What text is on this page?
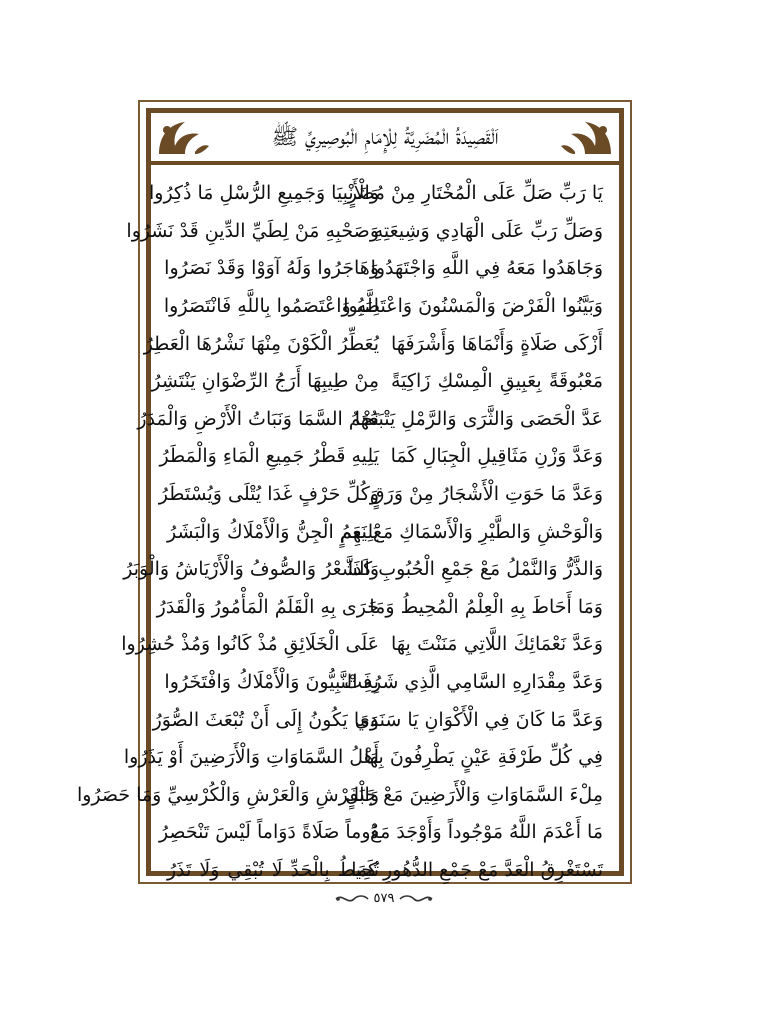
اَلْقَصِيدَةُ الْمُضَرِيَّةُ لِلْإِمَامِ الْبُوصِيرِيِّ ﷺ
يَا رَبِّ صَلِّ عَلَى الْمُخْتَارِ مِنْ مُضَرٍ
وَالْأَنْبِيَا وَجَمِيعِ الرُّسْلِ مَا ذُكِرُوا
وَصَلِّ رَبِّ عَلَى الْهَادِي وَشِيعَتِهِ
وَصَحْبِهِ مَنْ لِطَيِّ الدِّينِ قَدْ نَشَرُوا
وَجَاهَدُوا مَعَهُ فِي اللَّهِ وَاجْتَهَدُوا
وَهَاجَرُوا وَلَهُ آوَوْا وَقَدْ نَصَرُوا
وَبَيَّنُوا الْفَرْضَ وَالْمَسْنُونَ وَاعْتَصَبُوا
لِلَّهِ وَاعْتَصَمُوا بِاللَّهِ فَانْتَصَرُوا
أَزْكَى صَلَاةٍ وَأَنْمَاهَا وَأَشْرَفَهَا
يُعَطِّرُ الْكَوْنَ مِنْهَا نَشْرُهَا الْعَطِرُ
مَعْبُوقَةً بِعَبِيقِ الْمِسْكِ زَاكِيَةً
مِنْ طِيبِهَا أَرَجُ الرِّضْوَانِ يَنْتَشِرُ
عَدَّ الْحَصَى وَالثَّرَى وَالرَّمْلِ يَتْبَعُهَا
نَجْمُ السَّمَا وَنَبَاتُ الْأَرْضِ وَالْمَدَرُ
وَعَدَّ وَزْنِ مَثَاقِيلِ الْجِبَالِ كَمَا
يَلِيهِ قَطْرُ جَمِيعِ الْمَاءِ وَالْمَطَرُ
وَعَدَّ مَا حَوَتِ الْأَشْجَارُ مِنْ وَرَقٍ
وَكُلِّ حَرْفٍ غَدَا يُتْلَى وَيُسْتَطَرُ
وَالْوَحْشِ وَالطَّيْرِ وَالْأَسْمَاكِ مَعْ نَعَمٍ
يَلِيهِمُ الْجِنُّ وَالْأَمْلَاكُ وَالْبَشَرُ
وَالذَّرُّ وَالنَّمْلُ مَعْ جَمْعِ الْحُبُوبِ كَذَا
وَالشَّعْرُ وَالصُّوفُ وَالْأَرْيَاشُ وَالْوَبَرُ
وَمَا أَحَاطَ بِهِ الْعِلْمُ الْمُحِيطُ وَمَا
جَرَى بِهِ الْقَلَمُ الْمَأْمُورُ وَالْقَدَرُ
وَعَدَّ نَعْمَائِكَ اللَّاتِي مَنَنْتَ بِهَا
عَلَى الْخَلَائِقِ مُذْ كَانُوا وَمُذْ حُشِرُوا
وَعَدَّ مِقْدَارِهِ السَّامِي الَّذِي شَرُفَتْ
بِهِ النَّبِيُّونَ وَالْأَمْلَاكُ وَافْتَخَرُوا
وَعَدَّ مَا كَانَ فِي الْأَكْوَانِ يَا سَنَدِي
وَمَا يَكُونُ إِلَى أَنْ تُبْعَثَ الصُّوَرُ
فِي كُلِّ طَرْفَةِ عَيْنٍ يَطْرِفُونَ بِهَا
أَهْلُ السَّمَاوَاتِ وَالْأَرَضِينَ أَوْ يَذَرُوا
مِلْءَ السَّمَاوَاتِ وَالْأَرَضِينَ مَعْ جَبَلٍ
وَالْفَرْشِ وَالْعَرْشِ وَالْكُرْسِيِّ وَمَا حَصَرُوا
مَا أَعْدَمَ اللَّهُ مَوْجُوداً وَأَوْجَدَ مَعْ
دُوماً صَلَاةً دَوَاماً لَيْسَ تَنْحَصِرُ
تَسْتَغْرِقُ الْعَدَّ مَعْ جَمْعِ الدُّهُورِ كَمَا
تُحِيطُ بِالْحَدِّ لَا تُبْقِي وَلَا تَذَرُ
٥٧٩
